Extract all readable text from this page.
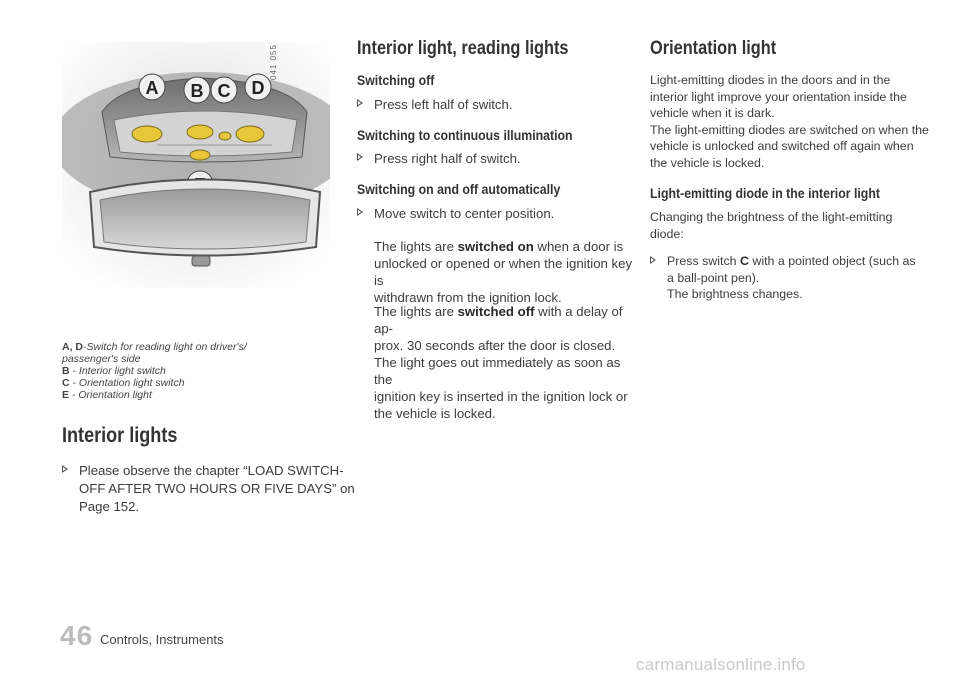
A B C D
041 055
A, D-Switch for reading light on driver's/
passenger's side
B - Interior light switch
C - Orientation light switch
E - Orientation light
Interior lights

Please observe the chapter “LOAD SWITCH-
OFF AFTER TWO HOURS OR FIVE DAYS” on
Page 152.

Interior light, reading lights
Switching off

Press left half of switch.

Switching to continuous illumination

Press right half of switch.

Switching on and off automatically

Move switch to center position.

The lights are switched on when a door is
unlocked or opened or when the ignition key is
withdrawn from the ignition lock.

The lights are switched off with a delay of ap-
prox. 30 seconds after the door is closed.
The light goes out immediately as soon as the
ignition key is inserted in the ignition lock or
the vehicle is locked.

Orientation light

Light-emitting diodes in the doors and in the
interior light improve your orientation inside the
vehicle when it is dark.
The light-emitting diodes are switched on when the
vehicle is unlocked and switched off again when
the vehicle is locked.

Light-emitting diode in the interior light

Changing the brightness of the light-emitting
diode:

Press switch C with a pointed object (such as
a ball-point pen).
The brightness changes.

46 Controls, Instruments
carmanualsonline.info
